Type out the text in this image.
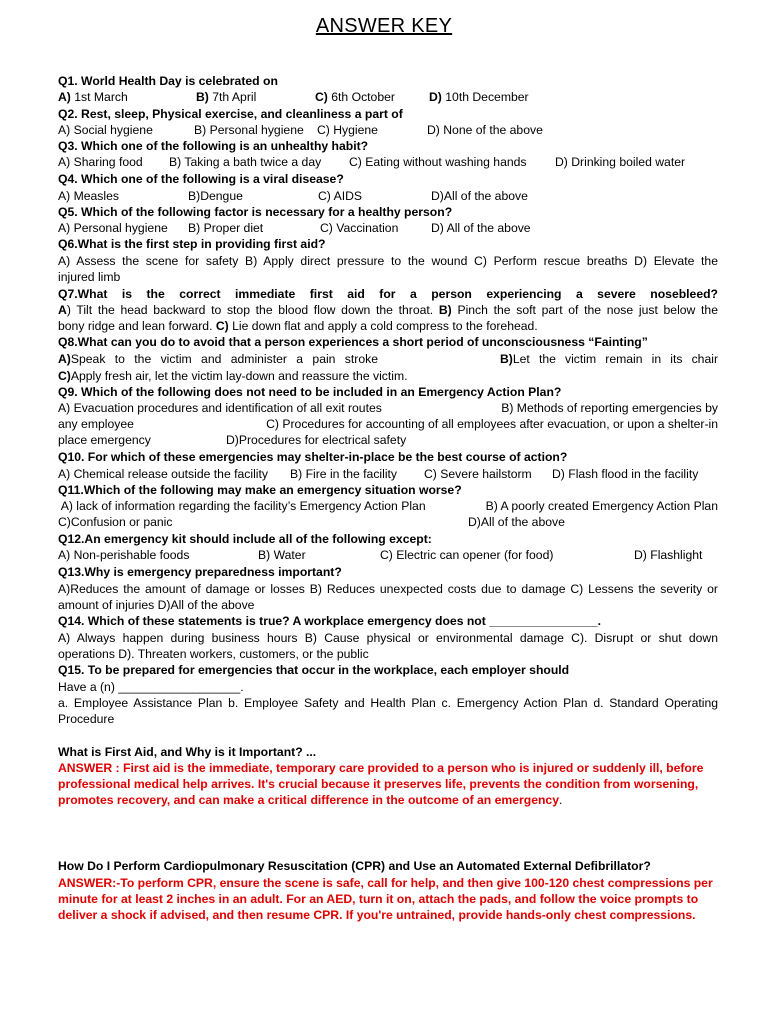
ANSWER KEY
Q1. World Health Day is celebrated on
A) 1st March	B) 7th April	C) 6th October	D) 10th December
Q2. Rest, sleep, Physical exercise, and cleanliness a part of
A) Social hygiene	B) Personal hygiene C) Hygiene	D) None of the above
Q3. Which one of the following is an unhealthy habit?
A) Sharing food B) Taking a bath twice a day C) Eating without washing hands D) Drinking boiled water
Q4. Which one of the following is a viral disease?
A) Measles	B)Dengue	C) AIDS	D)All of the above
Q5. Which of the following factor is necessary for a healthy person?
A) Personal hygiene B) Proper diet	C) Vaccination	D) All of the above
Q6.What is the first step in providing first aid?
A) Assess the scene for safety B) Apply direct pressure to the wound C) Perform rescue breaths D) Elevate the
injured limb
Q7.What is the correct immediate first aid for a person experiencing a severe nosebleed?
A) Tilt the head backward to stop the blood flow down the throat. B) Pinch the soft part of the nose just below the
bony ridge and lean forward. C) Lie down flat and apply a cold compress to the forehead.
Q8.What can you do to avoid that a person experiences a short period of unconsciousness “Fainting”
A)Speak to the victim and administer a pain stroke	B)Let the victim remain in its chair
C)Apply fresh air, let the victim lay-down and reassure the victim.
Q9. Which of the following does not need to be included in an Emergency Action Plan?
A) Evacuation procedures and identification of all exit routes	B) Methods of reporting emergencies by
any employee	C) Procedures for accounting of all employees after evacuation, or upon a shelter-in
place emergency	D)Procedures for electrical safety
Q10. For which of these emergencies may shelter-in-place be the best course of action?
A) Chemical release outside the facility B) Fire in the facility C) Severe hailstorm D) Flash flood in the facility
Q11.Which of the following may make an emergency situation worse?
A) lack of information regarding the facility’s Emergency Action Plan	B) A poorly created Emergency Action Plan
C)Confusion or panic	D)All of the above
Q12.An emergency kit should include all of the following except:
A) Non-perishable foods	B) Water	C) Electric can opener (for food)	D) Flashlight
Q13.Why is emergency preparedness important?
A)Reduces the amount of damage or losses B) Reduces unexpected costs due to damage C) Lessens the severity or
amount of injuries D)All of the above
Q14. Which of these statements is true? A workplace emergency does not ________________.
A) Always happen during business hours B) Cause physical or environmental damage C). Disrupt or shut down
operations D). Threaten workers, customers, or the public
Q15. To be prepared for emergencies that occur in the workplace, each employer should
Have a (n) __________________.
a. Employee Assistance Plan b. Employee Safety and Health Plan c. Emergency Action Plan d. Standard Operating
Procedure
What is First Aid, and Why is it Important? ...
ANSWER : First aid is the immediate, temporary care provided to a person who is injured or suddenly ill, before
professional medical help arrives. It's crucial because it preserves life, prevents the condition from worsening,
promotes recovery, and can make a critical difference in the outcome of an emergency.
How Do I Perform Cardiopulmonary Resuscitation (CPR) and Use an Automated External Defibrillator?
ANSWER:-To perform CPR, ensure the scene is safe, call for help, and then give 100-120 chest compressions per
minute for at least 2 inches in an adult. For an AED, turn it on, attach the pads, and follow the voice prompts to
deliver a shock if advised, and then resume CPR. If you're untrained, provide hands-only chest compressions.
